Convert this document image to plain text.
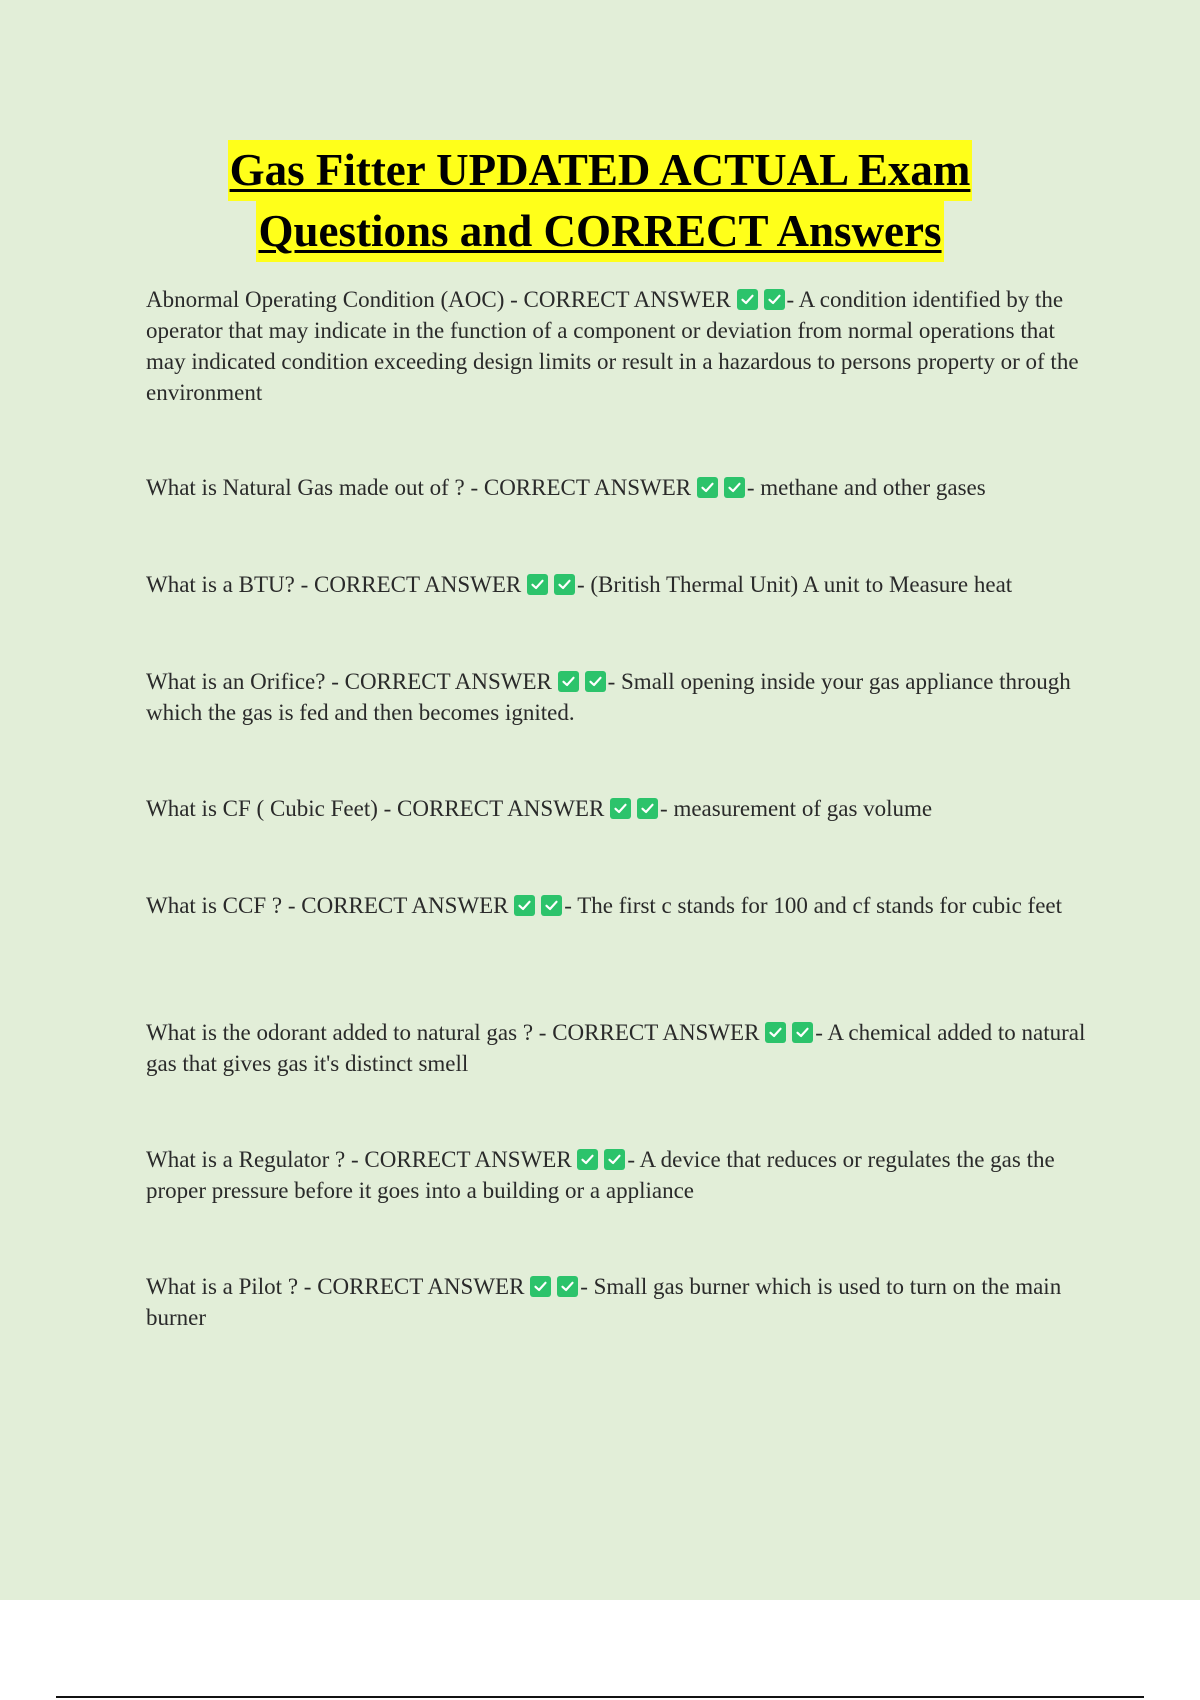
Gas Fitter UPDATED ACTUAL Exam
Questions and CORRECT Answers

Abnormal Operating Condition (AOC) - CORRECT ANSWER - A condition identified by the operator that may indicate in the function of a component or deviation from normal operations that may indicated condition exceeding design limits or result in a hazardous to persons property or of the environment

What is Natural Gas made out of ? - CORRECT ANSWER - methane and other gases

What is a BTU? - CORRECT ANSWER - (British Thermal Unit) A unit to Measure heat

What is an Orifice? - CORRECT ANSWER - Small opening inside your gas appliance through which the gas is fed and then becomes ignited.

What is CF ( Cubic Feet) - CORRECT ANSWER - measurement of gas volume

What is CCF ? - CORRECT ANSWER - The first c stands for 100 and cf stands for cubic feet

What is the odorant added to natural gas ? - CORRECT ANSWER - A chemical added to natural gas that gives gas it's distinct smell

What is a Regulator ? - CORRECT ANSWER - A device that reduces or regulates the gas the proper pressure before it goes into a building or a appliance

What is a Pilot ? - CORRECT ANSWER - Small gas burner which is used to turn on the main burner
